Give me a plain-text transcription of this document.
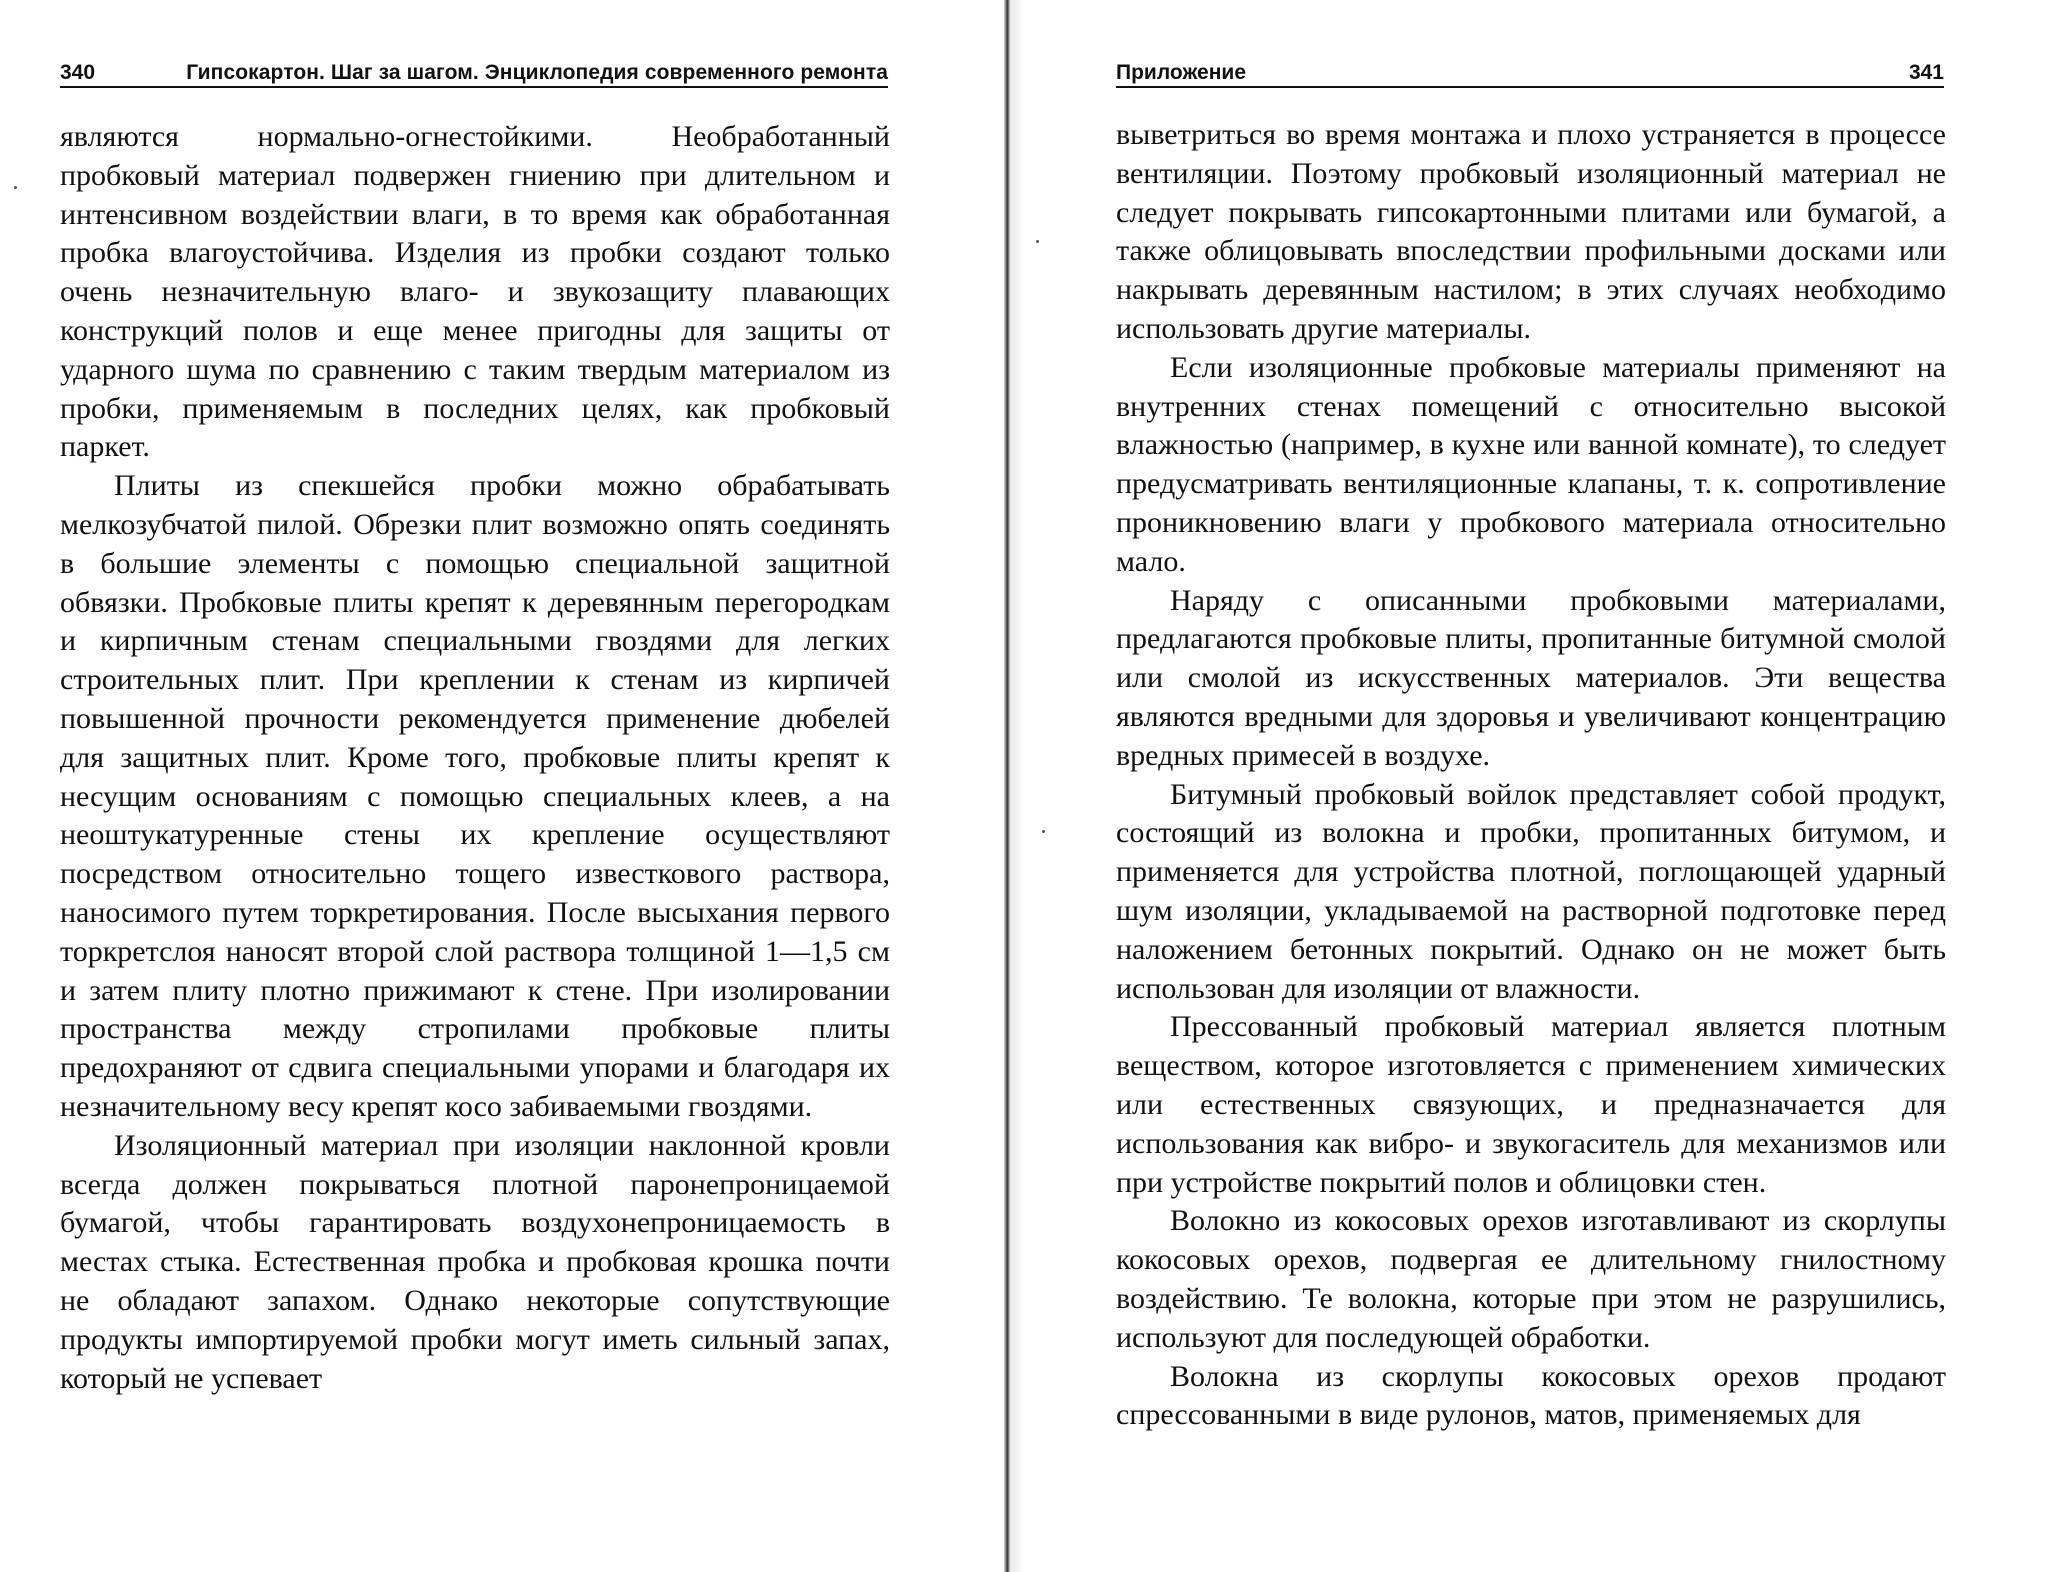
340	Гипсокартон. Шаг за шагом. Энциклопедия современного ремонта

являются нормально-огнестойкими. Необработанный пробковый материал подвержен гниению при длительном и интенсивном воздействии влаги, в то время как обработанная пробка влагоустойчива. Изделия из пробки создают только очень незначительную влаго- и звукозащиту плавающих конструкций полов и еще менее пригодны для защиты от ударного шума по сравнению с таким твердым материалом из пробки, применяемым в последних целях, как пробковый паркет.

Плиты из спекшейся пробки можно обрабатывать мелкозубчатой пилой. Обрезки плит возможно опять соединять в большие элементы с помощью специальной защитной обвязки. Пробковые плиты крепят к деревянным перегородкам и кирпичным стенам специальными гвоздями для легких строительных плит. При креплении к стенам из кирпичей повышенной прочности рекомендуется применение дюбелей для защитных плит. Кроме того, пробковые плиты крепят к несущим основаниям с помощью специальных клеев, а на неоштукатуренные стены их крепление осуществляют посредством относительно тощего известкового раствора, наносимого путем торкретирования. После высыхания первого торкретслоя наносят второй слой раствора толщиной 1—1,5 см и затем плиту плотно прижимают к стене. При изолировании пространства между стропилами пробковые плиты предохраняют от сдвига специальными упорами и благодаря их незначительному весу крепят косо забиваемыми гвоздями.

Изоляционный материал при изоляции наклонной кровли всегда должен покрываться плотной паронепроницаемой бумагой, чтобы гарантировать воздухонепроницаемость в местах стыка. Естественная пробка и пробковая крошка почти не обладают запахом. Однако некоторые сопутствующие продукты импортируемой пробки могут иметь сильный запах, который не успевает

Приложение	341

выветриться во время монтажа и плохо устраняется в процессе вентиляции. Поэтому пробковый изоляционный материал не следует покрывать гипсокартонными плитами или бумагой, а также облицовывать впоследствии профильными досками или накрывать деревянным настилом; в этих случаях необходимо использовать другие материалы.

Если изоляционные пробковые материалы применяют на внутренних стенах помещений с относительно высокой влажностью (например, в кухне или ванной комнате), то следует предусматривать вентиляционные клапаны, т. к. сопротивление проникновению влаги у пробкового материала относительно мало.

Наряду с описанными пробковыми материалами, предлагаются пробковые плиты, пропитанные битумной смолой или смолой из искусственных материалов. Эти вещества являются вредными для здоровья и увеличивают концентрацию вредных примесей в воздухе.

Битумный пробковый войлок представляет собой продукт, состоящий из волокна и пробки, пропитанных битумом, и применяется для устройства плотной, поглощающей ударный шум изоляции, укладываемой на растворной подготовке перед наложением бетонных покрытий. Однако он не может быть использован для изоляции от влажности.

Прессованный пробковый материал является плотным веществом, которое изготовляется с применением химических или естественных связующих, и предназначается для использования как вибро- и звукогаситель для механизмов или при устройстве покрытий полов и облицовки стен.

Волокно из кокосовых орехов изготавливают из скорлупы кокосовых орехов, подвергая ее длительному гнилостному воздействию. Те волокна, которые при этом не разрушились, используют для последующей обработки.

Волокна из скорлупы кокосовых орехов продают спрессованными в виде рулонов, матов, применяемых для
